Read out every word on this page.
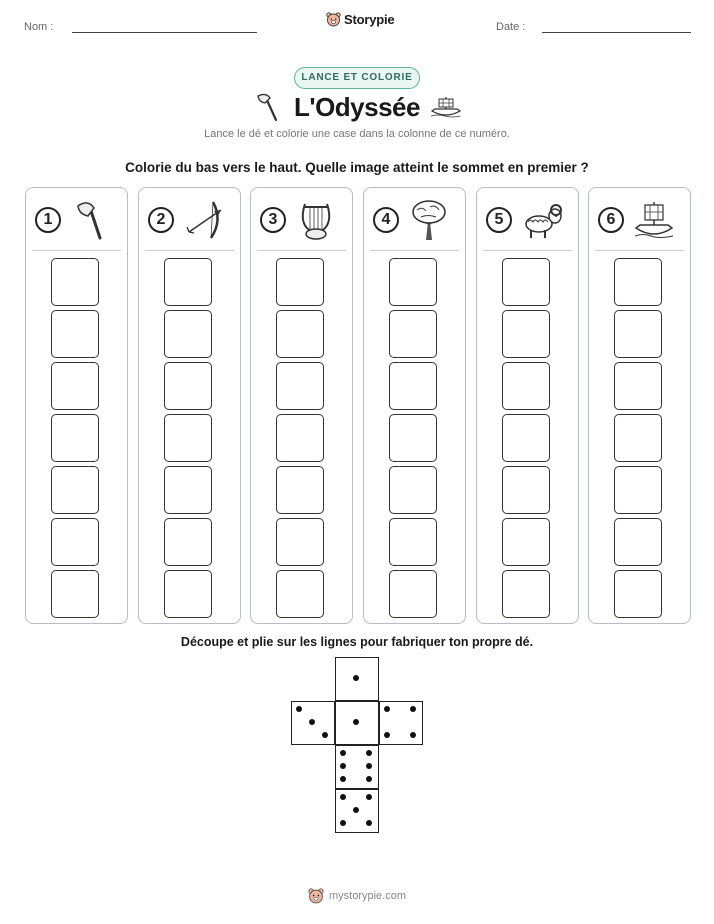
Nom :	Storypie	Date :
LANCE ET COLORIE
L'Odyssée
Lance le dé et colorie une case dans la colonne de ce numéro.
Colorie du bas vers le haut. Quelle image atteint le sommet en premier ?
1	2	3	4	5	6
Découpe et plie sur les lignes pour fabriquer ton propre dé.
mystorypie.com
